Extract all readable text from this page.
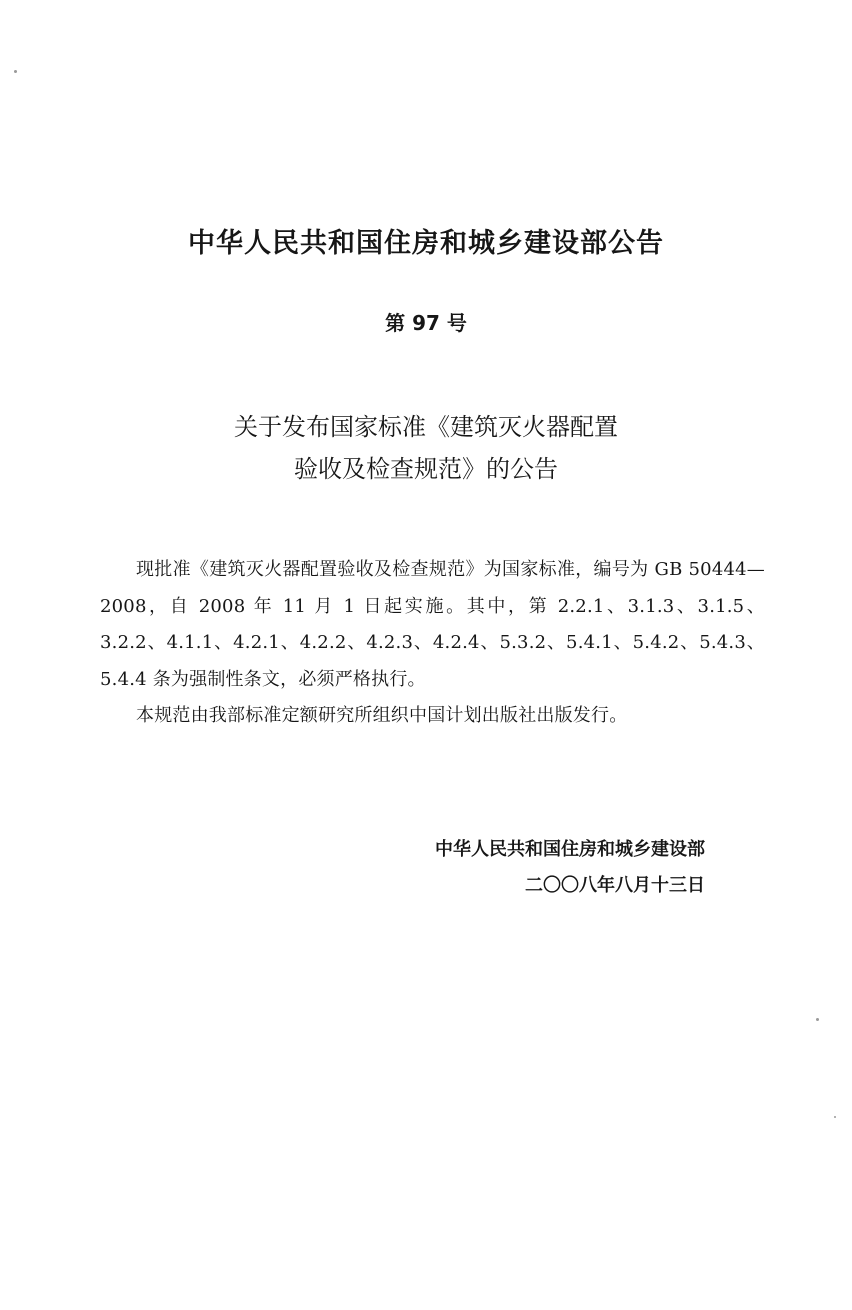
中华人民共和国住房和城乡建设部公告
第 97 号
关于发布国家标准《建筑灭火器配置
验收及检查规范》的公告

现批准《建筑灭火器配置验收及检查规范》为国家标准，编号为 GB 50444—2008，自 2008 年 11 月 1 日起实施。其中，第 2.2.1、3.1.3、3.1.5、3.2.2、4.1.1、4.2.1、4.2.2、4.2.3、4.2.4、5.3.2、5.4.1、5.4.2、5.4.3、5.4.4 条为强制性条文，必须严格执行。

本规范由我部标准定额研究所组织中国计划出版社出版发行。

中华人民共和国住房和城乡建设部
二〇〇八年八月十三日
